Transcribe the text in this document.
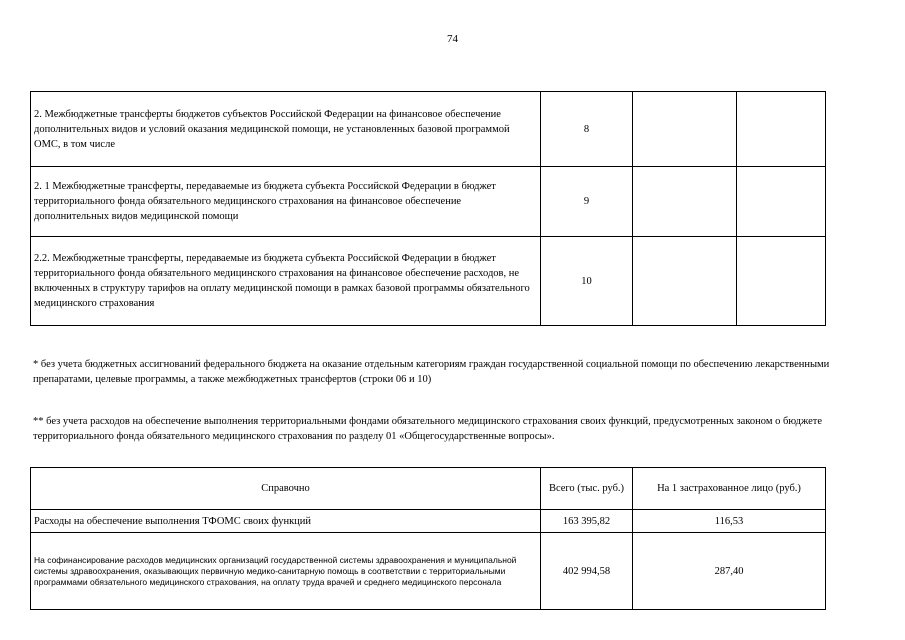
74
2. Межбюджетные трансферты бюджетов субъектов Российской Федерации на финансовое обеспечение дополнительных видов и условий оказания медицинской помощи, не установленных базовой программой ОМС, в том числе	8		
2. 1 Межбюджетные трансферты, передаваемые из бюджета субъекта Российской Федерации в бюджет территориального фонда обязательного медицинского страхования на финансовое обеспечение дополнительных видов медицинской помощи	9		
2.2. Межбюджетные трансферты, передаваемые из бюджета субъекта Российской Федерации в бюджет территориального фонда обязательного медицинского страхования на финансовое обеспечение расходов, не включенных в структуру тарифов на оплату медицинской помощи в рамках базовой программы обязательного медицинского страхования	10		
* без учета бюджетных ассигнований федерального бюджета на оказание отдельным категориям граждан государственной социальной помощи по обеспечению лекарственными препаратами, целевые программы, а также межбюджетных трансфертов (строки 06 и 10)
** без учета расходов на обеспечение выполнения территориальными фондами обязательного медицинского страхования своих функций, предусмотренных законом о бюджете территориального фонда обязательного медицинского страхования по разделу 01 «Общегосударственные вопросы».
Справочно	Всего (тыс. руб.)	На 1 застрахованное лицо (руб.)
Расходы на обеспечение выполнения ТФОМС своих функций	163 395,82	116,53
На софинансирование расходов медицинских организаций государственной системы здравоохранения и муниципальной системы здравоохранения, оказывающих первичную медико-санитарную помощь в соответствии с территориальными программами обязательного медицинского страхования, на оплату труда врачей и среднего медицинского персонала	402 994,58	287,40
